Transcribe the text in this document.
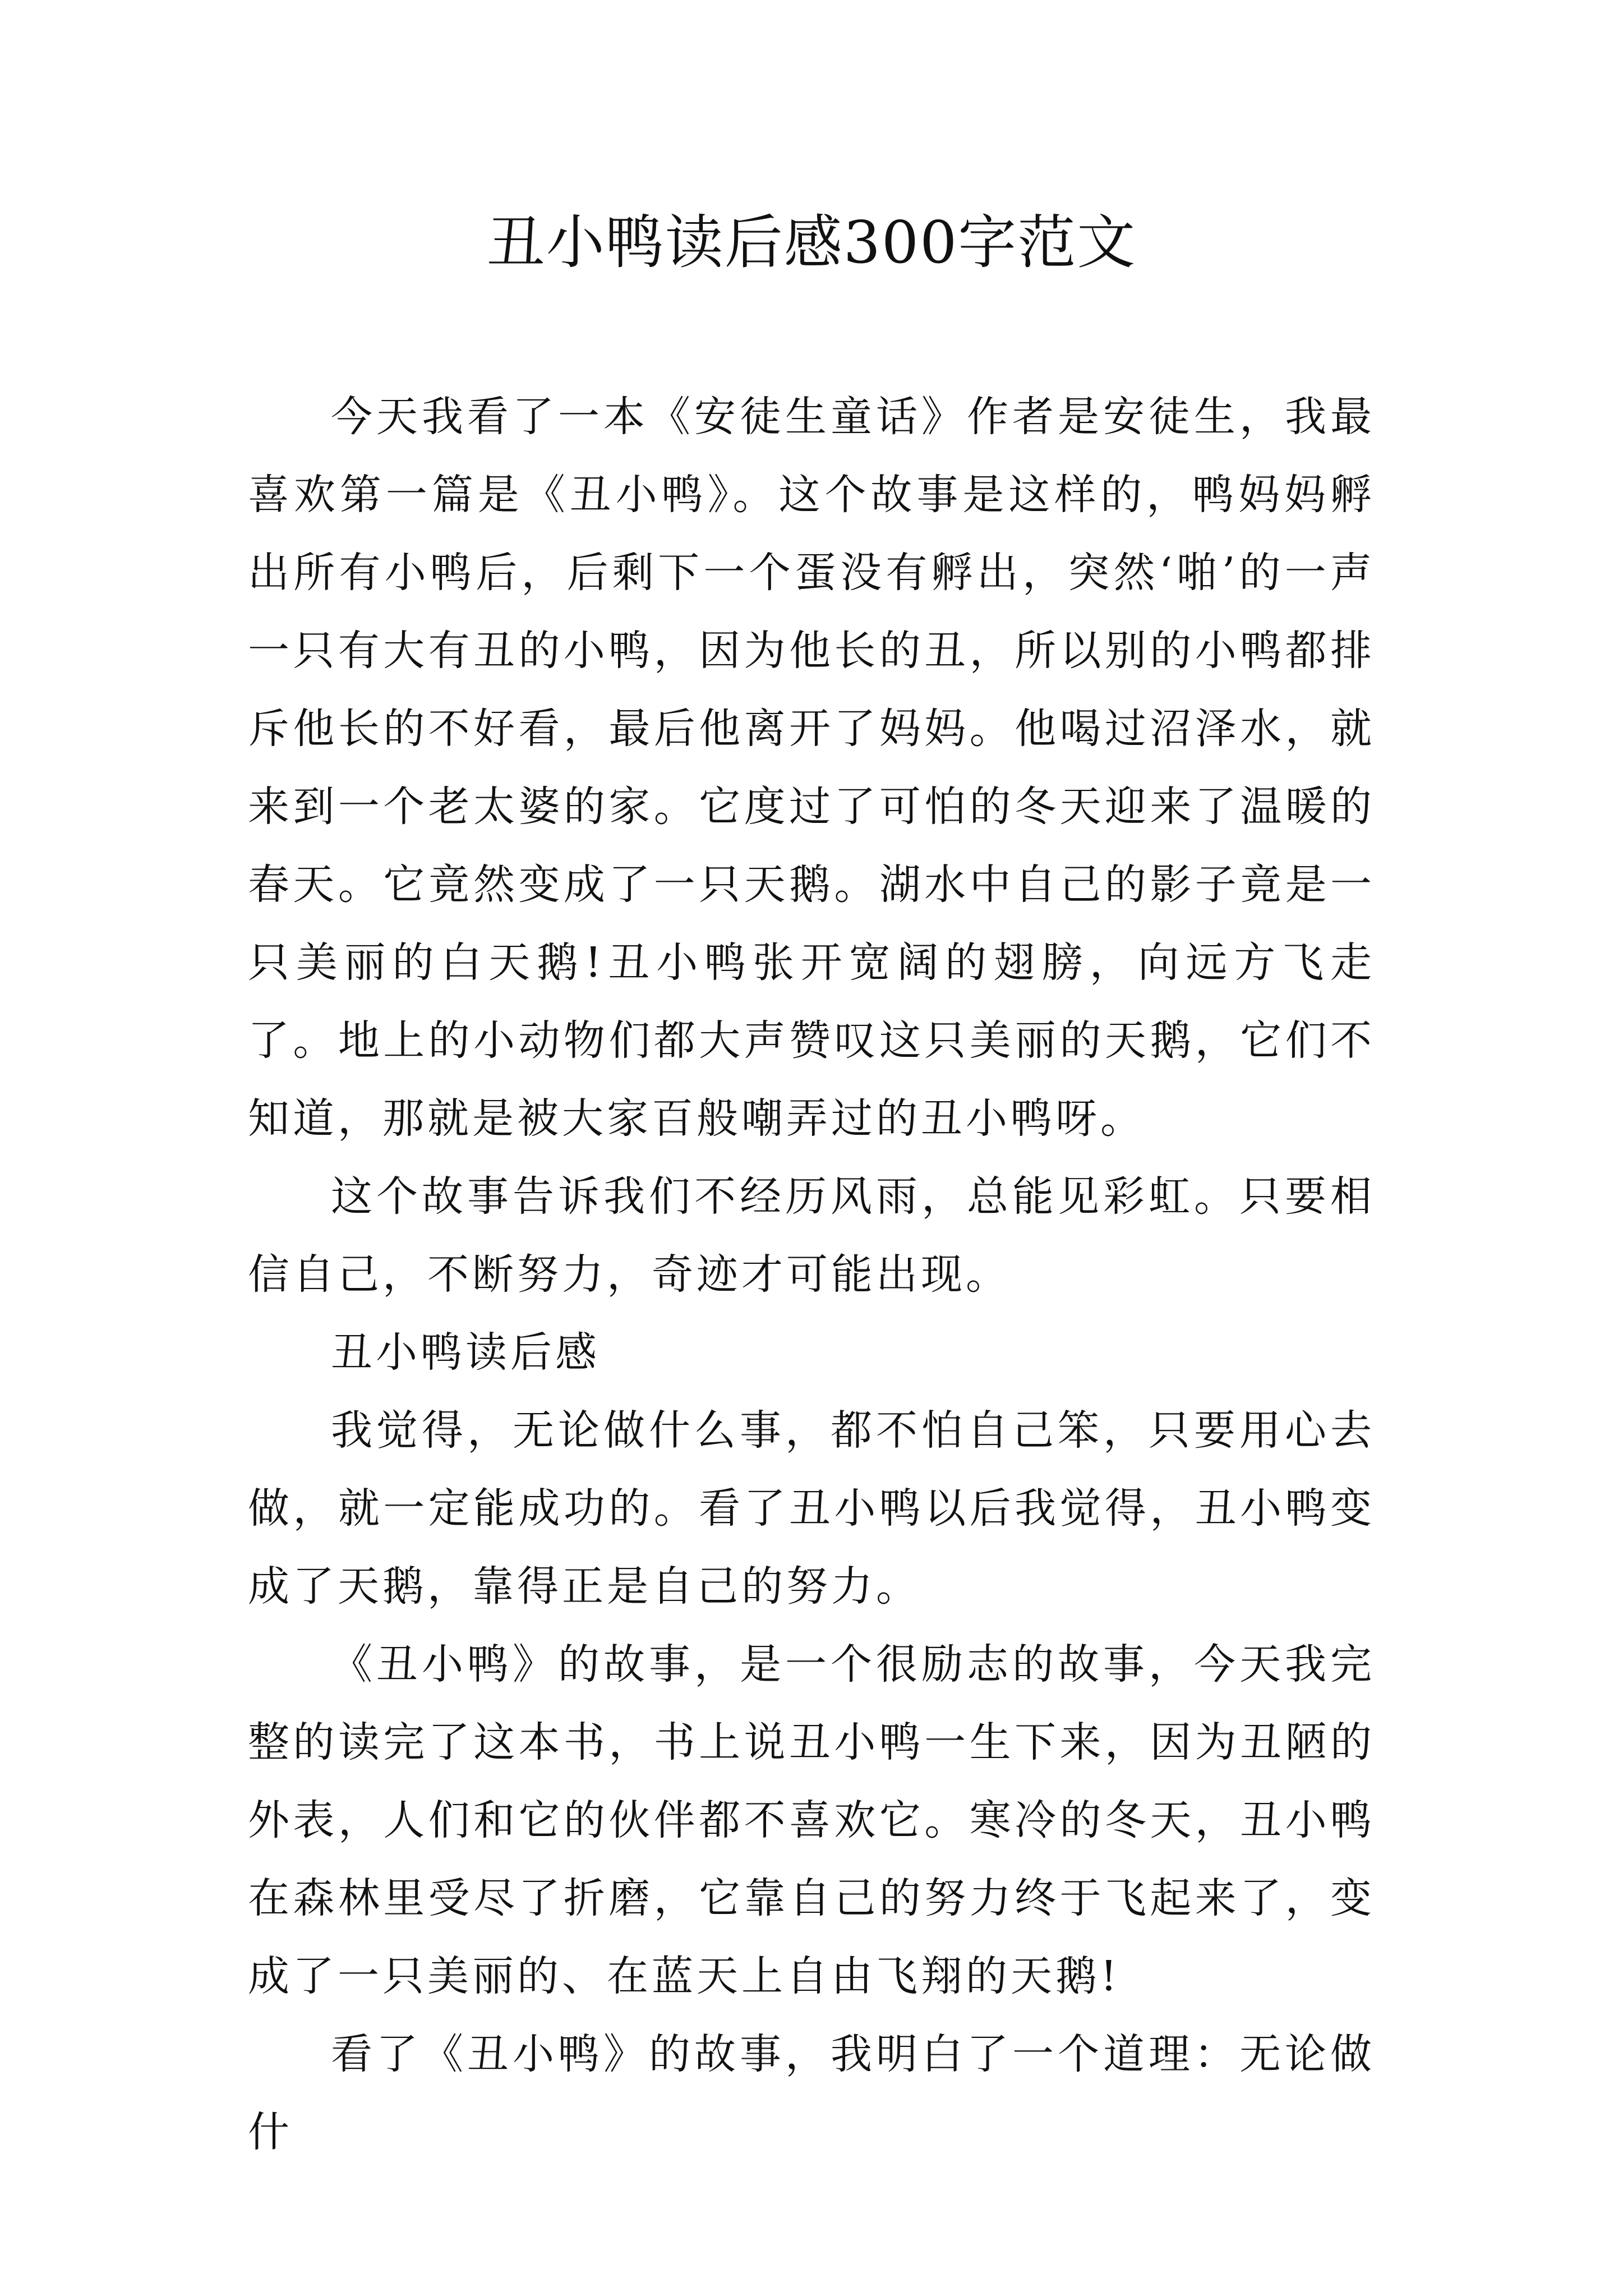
丑小鸭读后感300字范文

今天我看了一本《安徒生童话》作者是安徒生，我最喜欢第一篇是《丑小鸭》。这个故事是这样的，鸭妈妈孵出所有小鸭后，后剩下一个蛋没有孵出，突然‘啪’的一声一只有大有丑的小鸭，因为他长的丑，所以别的小鸭都排斥他长的不好看，最后他离开了妈妈。他喝过沼泽水，就来到一个老太婆的家。它度过了可怕的冬天迎来了温暖的春天。它竟然变成了一只天鹅。湖水中自己的影子竟是一只美丽的白天鹅!丑小鸭张开宽阔的翅膀，向远方飞走了。地上的小动物们都大声赞叹这只美丽的天鹅，它们不知道，那就是被大家百般嘲弄过的丑小鸭呀。

这个故事告诉我们不经历风雨，总能见彩虹。只要相信自己，不断努力，奇迹才可能出现。

丑小鸭读后感

我觉得，无论做什么事，都不怕自己笨，只要用心去做，就一定能成功的。看了丑小鸭以后我觉得，丑小鸭变成了天鹅，靠得正是自己的努力。

《丑小鸭》的故事，是一个很励志的故事，今天我完整的读完了这本书，书上说丑小鸭一生下来，因为丑陋的外表，人们和它的伙伴都不喜欢它。寒冷的冬天，丑小鸭在森林里受尽了折磨，它靠自己的努力终于飞起来了，变成了一只美丽的、在蓝天上自由飞翔的天鹅!

看了《丑小鸭》的故事，我明白了一个道理：无论做什
